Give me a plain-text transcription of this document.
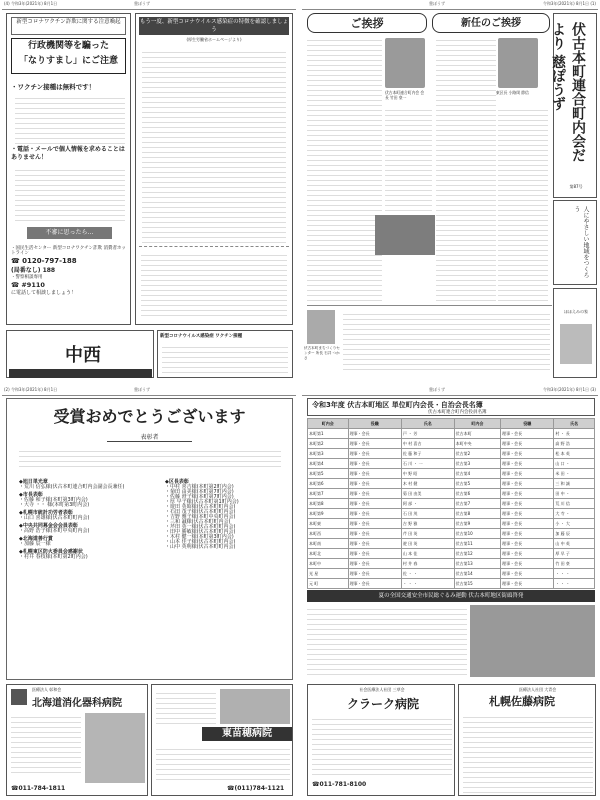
(4) 令和3年(2021年) 8月1日	豊ぽうず
新型コロナワクチン詐欺に関する注意喚起
行政機関等を騙った
「なりすまし」にご注意
・ワクチン接種は無料です！
・電話・メールで個人情報を求めることはありません！
不審に思ったら…
・国民生活センター 新型コロナワクチン詐欺 消費者ホットライン
☎ 0120-797-188
(局番なし) 188
・警察相談専用
☎ #9110
に電話して相談しましょう！
もう一度、新型コロナウイルス感染症の特徴を確認しましょう
(厚生労働省ホームページより)
中西
新型コロナウイルス感染症 ワクチン接種
豊ぽうず	令和3年(2021年) 8月1日 (1)
ご挨拶	新任のご挨拶
伏古本町連合町内会 会長 竹田 豪一
東区長 小路岡 節信	伏古本町連合町内会だより 慈ぽうず
第87号
人にやさしい地域をつくろう
ほほえみの家
伏古本町まちづくりセンター 所長 石井 つかさ
(2) 令和3年(2021年) 8月1日	豊ぽうず
受賞おめでとうございます
表彰者

◆旭日単光章

・荒川 信弘様(伏古本町連合町内会副会長兼任)

◆市長表彰

・佐藤 和子様(本町第3町内会)

・大寺 ・・ 様(本町第3町内会)

◆札幌市統計功労者表彰

・山口 喜雄様(伏古本町町内会)

◆中央共同募金会会員表彰

・高野 浩子様(本町中央町内会)

◆北海道善行賞

・加藤 辰一様

◆札幌東区防火委員会感謝状

・村井 春枝様(本町第2町内会)

◆区長表彰

・中村 喜吉様(本町第2町内会)

・菊田 由美様(本町第7町内会)

・佐藤 澄子様(本町第7町内会)

・厚 早子様(伏古本町第1町内会)

・遊田 英昭様(伏古本町町内会)

・石田 茂子様(伏古本町町内会)

・吉野 雅子様(本町中央町内会)

・三和 誠様(伏古本町町内会)

・芹田 英一様(伏古本町町内会)

・田中 勝敏様(伏古本町町内会)

・木村 健一様(本町第3町内会)

・山本 佳子様(伏古本町町内会)

・山中 英明様(伏古本町町内会)

医療法人 彰和会
北海道消化器科病院
☎011-784-1811
東苗穂病院
☎(011)784-1121
豊ぽうず	令和3年(2021年) 8月1日 (3)
令和3年度 伏古本町地区 単位町内会長・自治会長名簿
伏古本町連合町内会役員名簿
町内会	役職	氏名	町内会	役職	氏名
本町第1	理事・会長	戸 ・ 芳	伏古本町	理事・会長	村 ・ 長
本町第2	理事・会長	中 村 喜吉	本町中央	理事・会長	高 野 浩
本町第3	理事・会長	佐 藤 和子	伏古第2	理事・会長	松 本 英
本町第4	理事・会長	石 川 ・ 一	伏古第3	理事・会長	山 口 ・
本町第5	理事・会長	中 野 昭	伏古第4	理事・会長	米 田 ・
本町第6	理事・会長	木 村 健	伏古第5	理事・会長	三 和 誠
本町第7	理事・会長	菊 田 由美	伏古第6	理事・会長	田 中 ・
本町第8	理事・会長	阿 部 ・	伏古第7	理事・会長	荒 川 信
本町第9	理事・会長	石 田 茂	伏古第8	理事・会長	大 寺 ・
本町東	理事・会長	吉 野 雅	伏古第9	理事・会長	小 ・ 大
本町西	理事・会長	芹 田 英	伏古第10	理事・会長	加 藤 辰
本町南	理事・会長	遊 田 英	伏古第11	理事・会長	山 中 英
本町北	理事・会長	山 本 佳	伏古第12	理事・会長	厚 早 子
本町中	理事・会長	村 井 春	伏古第13	理事・会長	竹 田 豪
光 星	理事・会長	佐 ・ ・	伏古第14	理事・会長	・ ・ ・
元 町	理事・会長	・ ・ ・	伏古第15	理事・会長	・ ・ ・
夏の全国交通安全市民総ぐるみ運動 伏古本町地区街頭啓発
社会医療法人社団 三草会
クラーク病院
☎011-781-8100
医療法人社団 大青会
札幌佐藤病院
